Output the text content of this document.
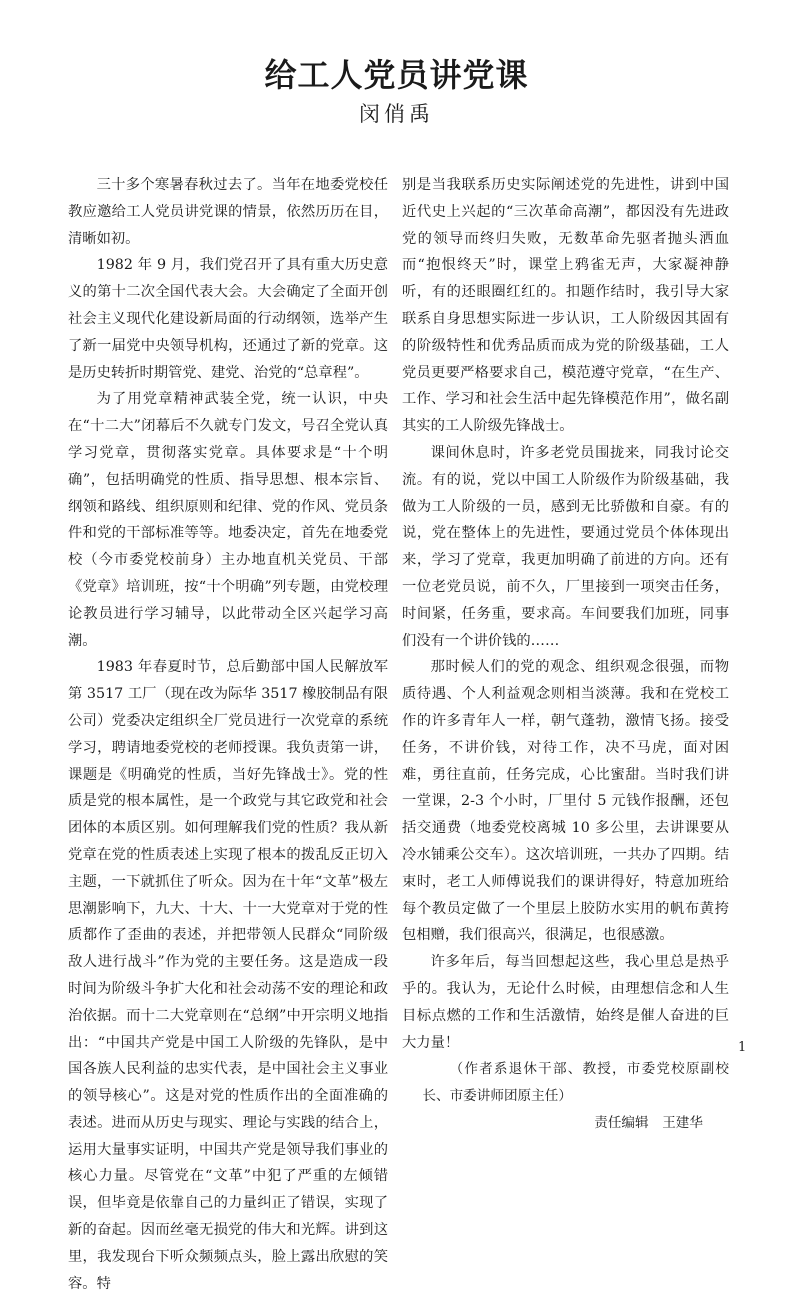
给工人党员讲党课
闵俏禹

三十多个寒暑春秋过去了。当年在地委党校任教应邀给工人党员讲党课的情景，依然历历在目，清晰如初。

1982 年 9 月，我们党召开了具有重大历史意义的第十二次全国代表大会。大会确定了全面开创社会主义现代化建设新局面的行动纲领，选举产生了新一届党中央领导机构，还通过了新的党章。这是历史转折时期管党、建党、治党的“总章程”。

为了用党章精神武装全党，统一认识，中央在“十二大”闭幕后不久就专门发文，号召全党认真学习党章，贯彻落实党章。具体要求是“十个明确”，包括明确党的性质、指导思想、根本宗旨、纲领和路线、组织原则和纪律、党的作风、党员条件和党的干部标准等等。地委决定，首先在地委党校（今市委党校前身）主办地直机关党员、干部《党章》培训班，按“十个明确”列专题，由党校理论教员进行学习辅导，以此带动全区兴起学习高潮。

1983 年春夏时节，总后勤部中国人民解放军第 3517 工厂（现在改为际华 3517 橡胶制品有限公司）党委决定组织全厂党员进行一次党章的系统学习，聘请地委党校的老师授课。我负责第一讲，课题是《明确党的性质，当好先锋战士》。党的性质是党的根本属性，是一个政党与其它政党和社会团体的本质区别。如何理解我们党的性质？我从新党章在党的性质表述上实现了根本的拨乱反正切入主题，一下就抓住了听众。因为在十年“文革”极左思潮影响下，九大、十大、十一大党章对于党的性质都作了歪曲的表述，并把带领人民群众“同阶级敌人进行战斗”作为党的主要任务。这是造成一段时间为阶级斗争扩大化和社会动荡不安的理论和政治依据。而十二大党章则在“总纲”中开宗明义地指出：“中国共产党是中国工人阶级的先锋队，是中国各族人民利益的忠实代表，是中国社会主义事业的领导核心”。这是对党的性质作出的全面准确的表述。进而从历史与现实、理论与实践的结合上，运用大量事实证明，中国共产党是领导我们事业的核心力量。尽管党在“文革”中犯了严重的左倾错误，但毕竟是依靠自己的力量纠正了错误，实现了新的奋起。因而丝毫无损党的伟大和光辉。讲到这里，我发现台下听众频频点头，脸上露出欣慰的笑容。特

别是当我联系历史实际阐述党的先进性，讲到中国近代史上兴起的“三次革命高潮”，都因没有先进政党的领导而终归失败，无数革命先驱者抛头洒血而“抱恨终天”时，课堂上鸦雀无声，大家凝神静听，有的还眼圈红红的。扣题作结时，我引导大家联系自身思想实际进一步认识，工人阶级因其固有的阶级特性和优秀品质而成为党的阶级基础，工人党员更要严格要求自己，模范遵守党章，“在生产、工作、学习和社会生活中起先锋模范作用”，做名副其实的工人阶级先锋战士。

课间休息时，许多老党员围拢来，同我讨论交流。有的说，党以中国工人阶级作为阶级基础，我做为工人阶级的一员，感到无比骄傲和自豪。有的说，党在整体上的先进性，要通过党员个体体现出来，学习了党章，我更加明确了前进的方向。还有一位老党员说，前不久，厂里接到一项突击任务，时间紧，任务重，要求高。车间要我们加班，同事们没有一个讲价钱的……

那时候人们的党的观念、组织观念很强，而物质待遇、个人利益观念则相当淡薄。我和在党校工作的许多青年人一样，朝气蓬勃，激情飞扬。接受任务，不讲价钱，对待工作，决不马虎，面对困难，勇往直前，任务完成，心比蜜甜。当时我们讲一堂课，2-3 个小时，厂里付 5 元钱作报酬，还包括交通费（地委党校离城 10 多公里，去讲课要从冷水铺乘公交车）。这次培训班，一共办了四期。结束时，老工人师傅说我们的课讲得好，特意加班给每个教员定做了一个里层上胶防水实用的帆布黄挎包相赠，我们很高兴，很满足，也很感激。

许多年后，每当回想起这些，我心里总是热乎乎的。我认为，无论什么时候，由理想信念和人生目标点燃的工作和生活激情，始终是催人奋进的巨大力量！

（作者系退休干部、教授，市委党校原副校长、市委讲师团原主任）

责任编辑　王建华

1
